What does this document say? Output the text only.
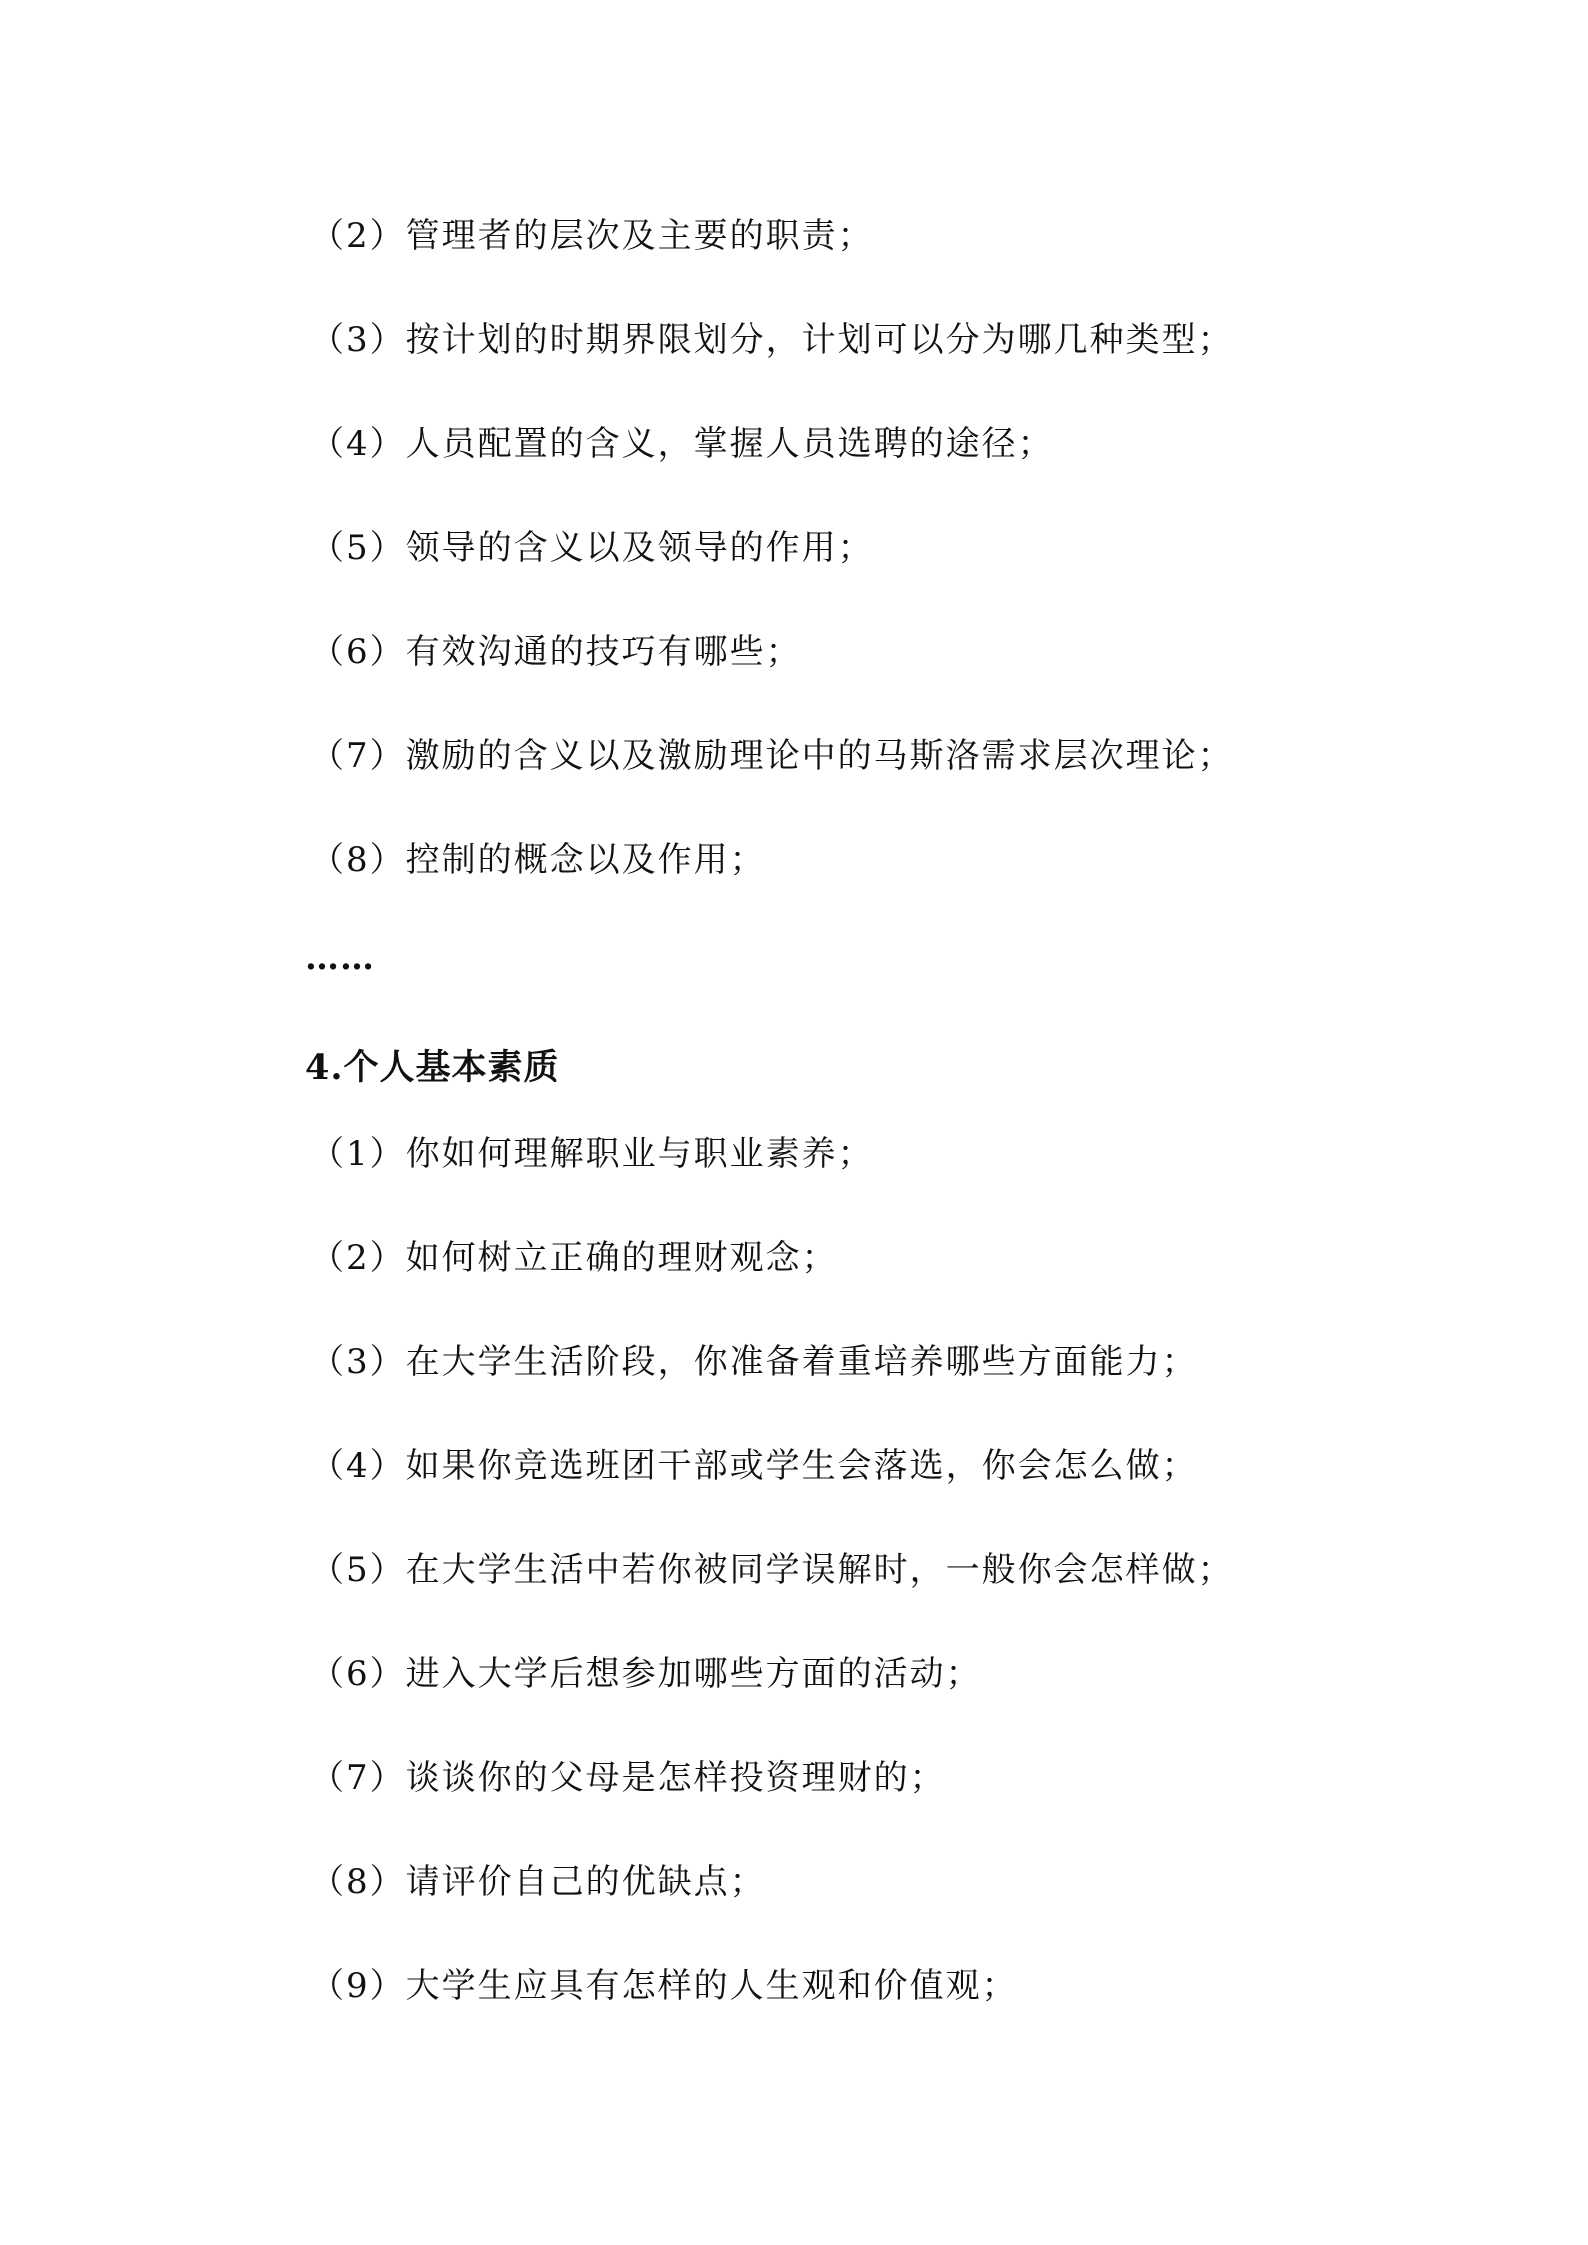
（2）管理者的层次及主要的职责；
（3）按计划的时期界限划分，计划可以分为哪几种类型；
（4）人员配置的含义，掌握人员选聘的途径；
（5）领导的含义以及领导的作用；
（6）有效沟通的技巧有哪些；
（7）激励的含义以及激励理论中的马斯洛需求层次理论；
（8）控制的概念以及作用；
……
4.个人基本素质
（1）你如何理解职业与职业素养；
（2）如何树立正确的理财观念；
（3）在大学生活阶段，你准备着重培养哪些方面能力；
（4）如果你竞选班团干部或学生会落选，你会怎么做；
（5）在大学生活中若你被同学误解时，一般你会怎样做；
（6）进入大学后想参加哪些方面的活动；
（7）谈谈你的父母是怎样投资理财的；
（8）请评价自己的优缺点；
（9）大学生应具有怎样的人生观和价值观；
